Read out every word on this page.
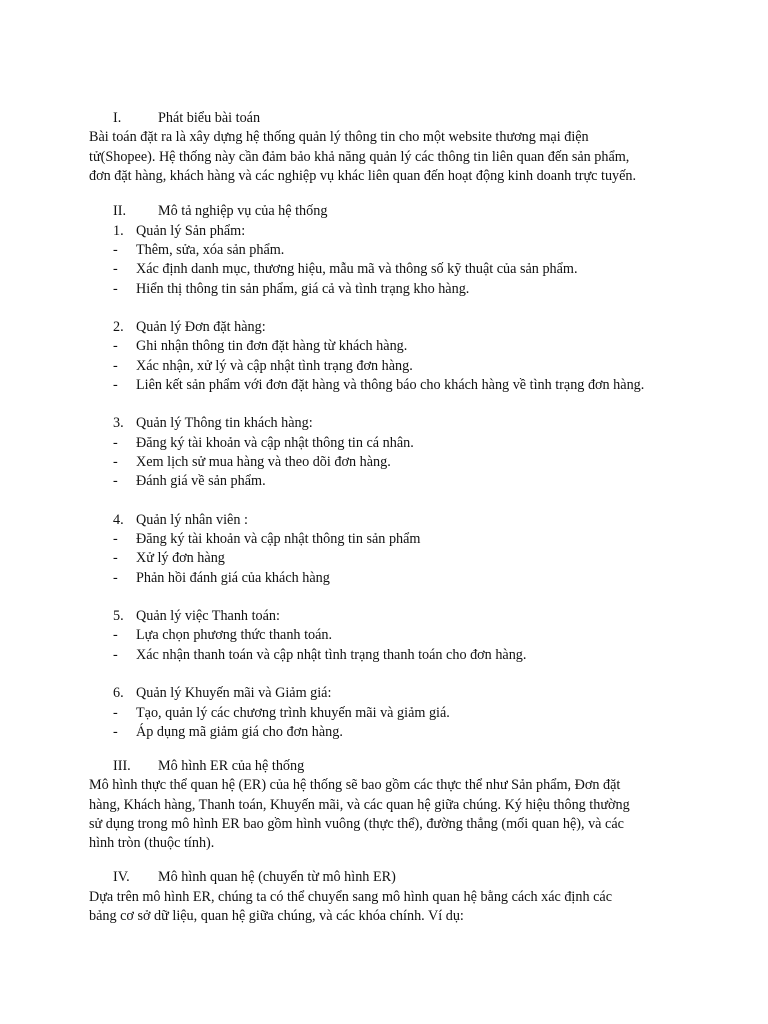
I.	Phát biểu bài toán
Bài toán đặt ra là xây dựng hệ thống quản lý thông tin cho một website thương mại điện
tử(Shopee). Hệ thống này cần đảm bảo khả năng quản lý các thông tin liên quan đến sản phẩm,
đơn đặt hàng, khách hàng và các nghiệp vụ khác liên quan đến hoạt động kinh doanh trực tuyến.
II. Mô tả nghiệp vụ của hệ thống
1. Quản lý Sản phẩm:
- Thêm, sửa, xóa sản phẩm.
- Xác định danh mục, thương hiệu, mẫu mã và thông số kỹ thuật của sản phẩm.
- Hiển thị thông tin sản phẩm, giá cả và tình trạng kho hàng.
2. Quản lý Đơn đặt hàng:
- Ghi nhận thông tin đơn đặt hàng từ khách hàng.
- Xác nhận, xử lý và cập nhật tình trạng đơn hàng.
- Liên kết sản phẩm với đơn đặt hàng và thông báo cho khách hàng về tình trạng đơn hàng.
3. Quản lý Thông tin khách hàng:
- Đăng ký tài khoản và cập nhật thông tin cá nhân.
- Xem lịch sử mua hàng và theo dõi đơn hàng.
- Đánh giá về sản phẩm.
4. Quản lý nhân viên :
- Đăng ký tài khoản và cập nhật thông tin sản phẩm
- Xử lý đơn hàng
- Phản hồi đánh giá của khách hàng
5. Quản lý việc Thanh toán:
- Lựa chọn phương thức thanh toán.
- Xác nhận thanh toán và cập nhật tình trạng thanh toán cho đơn hàng.
6. Quản lý Khuyến mãi và Giảm giá:
- Tạo, quản lý các chương trình khuyến mãi và giảm giá.
- Áp dụng mã giảm giá cho đơn hàng.
III. Mô hình ER của hệ thống
Mô hình thực thể quan hệ (ER) của hệ thống sẽ bao gồm các thực thể như Sản phẩm, Đơn đặt
hàng, Khách hàng, Thanh toán, Khuyến mãi, và các quan hệ giữa chúng. Ký hiệu thông thường
sử dụng trong mô hình ER bao gồm hình vuông (thực thể), đường thẳng (mối quan hệ), và các
hình tròn (thuộc tính).
IV. Mô hình quan hệ (chuyển từ mô hình ER)
Dựa trên mô hình ER, chúng ta có thể chuyển sang mô hình quan hệ bằng cách xác định các
bảng cơ sở dữ liệu, quan hệ giữa chúng, và các khóa chính. Ví dụ:
